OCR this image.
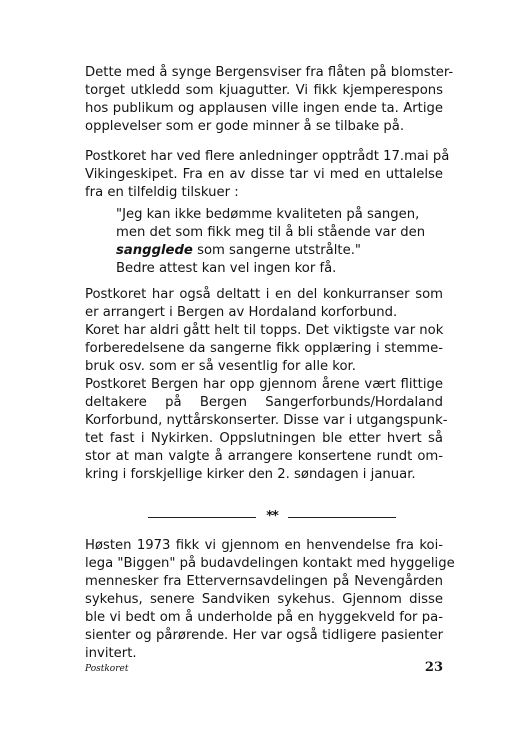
Dette med å synge Bergensviser fra flåten på blomster-
torget utkledd som kjuagutter. Vi fikk kjemperespons
hos publikum og applausen ville ingen ende ta. Artige
opplevelser som er gode minner å se tilbake på.
Postkoret har ved flere anledninger opptrådt 17.mai på
Vikingeskipet. Fra en av disse tar vi med en uttalelse
fra en tilfeldig tilskuer :
"Jeg kan ikke bedømme kvaliteten på sangen,
men det som fikk meg til å bli stående var den
sangglede som sangerne utstrålte."
Bedre attest kan vel ingen kor få.
Postkoret har også deltatt i en del konkurranser som
er arrangert i Bergen av Hordaland korforbund.
Koret har aldri gått helt til topps. Det viktigste var nok
forberedelsene da sangerne fikk opplæring i stemme-
bruk osv. som er så vesentlig for alle kor.
Postkoret Bergen har opp gjennom årene vært flittige
deltakere på Bergen Sangerforbunds/Hordaland
Korforbund, nyttårskonserter. Disse var i utgangspunk-
tet fast i Nykirken. Oppslutningen ble etter hvert så
stor at man valgte å arrangere konsertene rundt om-
kring i forskjellige kirker den 2. søndagen i januar.
**
Høsten 1973 fikk vi gjennom en henvendelse fra koi-
lega "Biggen" på budavdelingen kontakt med hyggelige
mennesker fra Ettervernsavdelingen på Nevengården
sykehus, senere Sandviken sykehus. Gjennom disse
ble vi bedt om å underholde på en hyggekveld for pa-
sienter og pårørende. Her var også tidligere pasienter
invitert.
Postkoret	23
